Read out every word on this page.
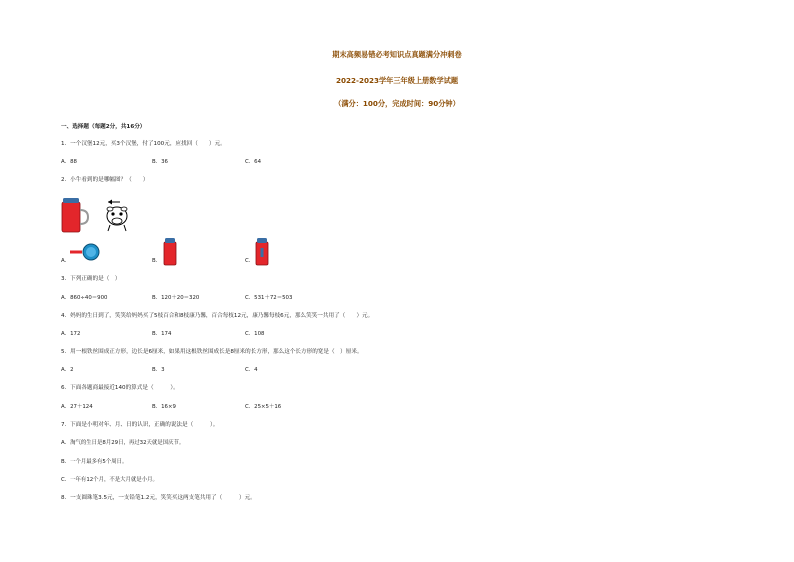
期末高频易错必考知识点真题满分冲刺卷
2022-2023学年三年级上册数学试题
（满分：100分，完成时间：90分钟）
一、选择题（每题2分，共16分）
1．一个汉堡12元，买3个汉堡，付了100元，应找回（　　）元。
A．88	B．36	C．64
2．小牛看到的是哪幅图？（　　）
A．	B．	C．
3．下列正确的是（　）
A．860÷40＝900	B．120＋20＝320	C．531＋72＝503
4．妈妈的生日到了，笑笑给妈妈买了5枝百合和8枝康乃馨，百合每枝12元，康乃馨每枝6元，那么笑笑一共用了（　　）元。
A．172	B．174	C．108
5．用一根铁丝围成正方形，边长是6厘米，如果用这根铁丝围成长是8厘米的长方形，那么这个长方形的宽是（　）厘米。
A．2	B．3	C．4
6．下面各题商最接近140的算式是（　　　）。
A．27＋124	B．16×9	C．25×5＋16
7．下面是小明对年、月、日的认识，正确的说法是（　　　）。
A．淘气的生日是8月29日，再过32天就是国庆节。
B．一个月最多有5个周日。
C．一年有12个月，不是大月就是小月。
8．一支圆珠笔3.5元，一支铅笔1.2元，笑笑买这两支笔共用了（　　　）元。
